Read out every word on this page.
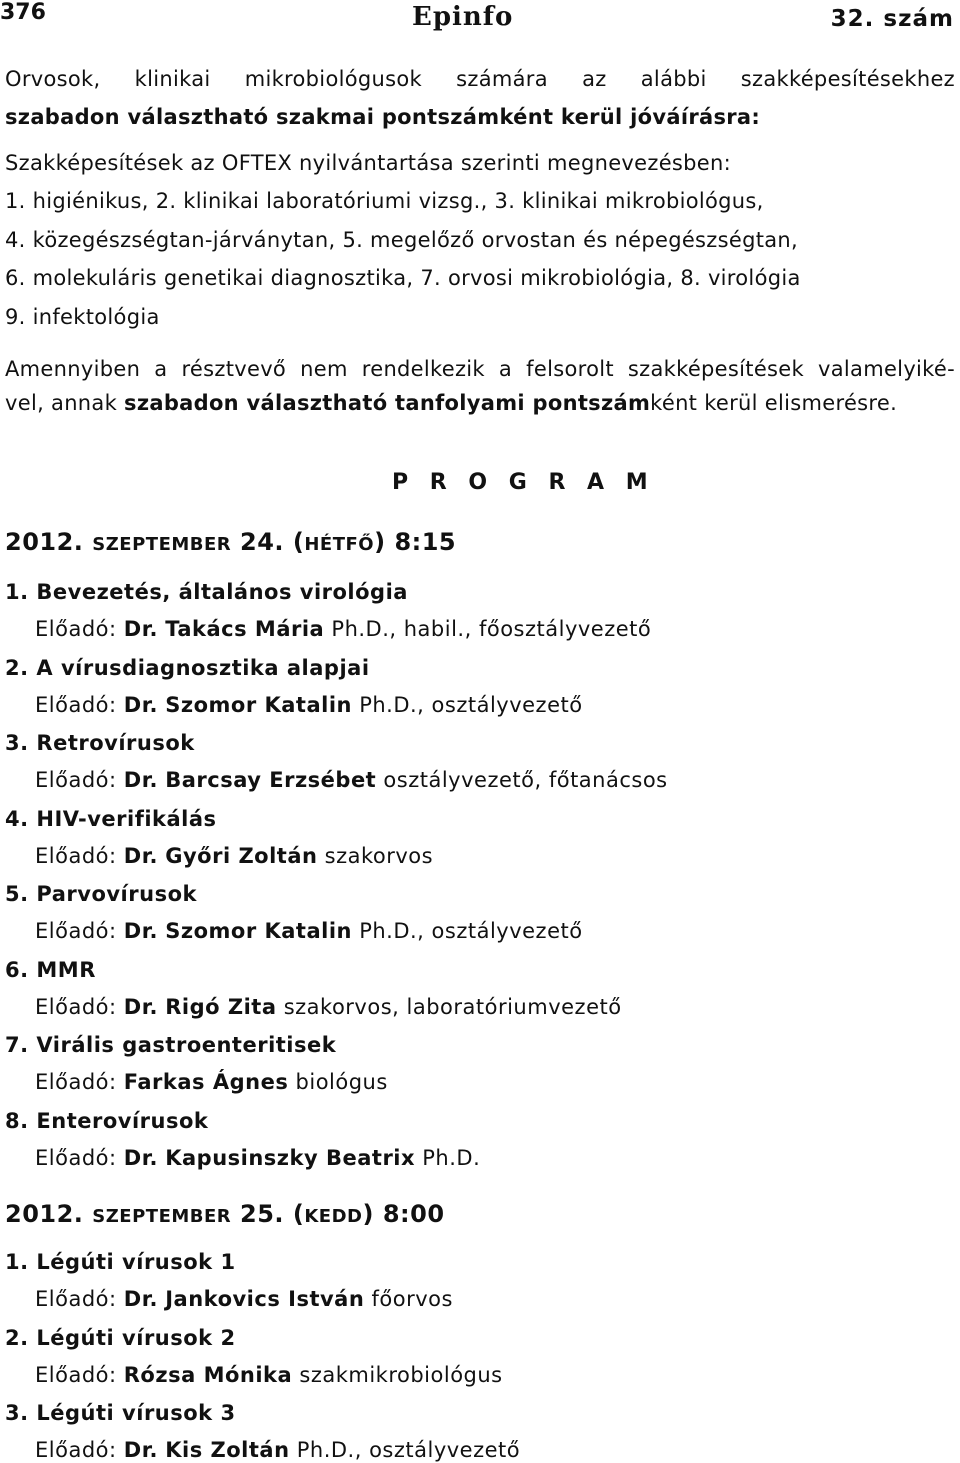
376	Epinfo	32. szám
Orvosok, klinikai mikrobiológusok számára az alábbi szakképesítésekhez
szabadon választható szakmai pontszámként kerül jóváírásra:
Szakképesítések az OFTEX nyilvántartása szerinti megnevezésben:
1. higiénikus, 2. klinikai laboratóriumi vizsg., 3. klinikai mikrobiológus,
4. közegészségtan-járványtan, 5. megelőző orvostan és népegészségtan,
6. molekuláris genetikai diagnosztika, 7. orvosi mikrobiológia, 8. virológia
9. infektológia
Amennyiben a résztvevő nem rendelkezik a felsorolt szakképesítések valamelyiké-
vel, annak szabadon választható tanfolyami pontszámként kerül elismerésre.
P R O G R A M
2012. SZEPTEMBER 24. (HÉTFŐ) 8:15
1. Bevezetés, általános virológia
Előadó: Dr. Takács Mária Ph.D., habil., főosztályvezető
2. A vírusdiagnosztika alapjai
Előadó: Dr. Szomor Katalin Ph.D., osztályvezető
3. Retrovírusok
Előadó: Dr. Barcsay Erzsébet osztályvezető, főtanácsos
4. HIV-verifikálás
Előadó: Dr. Győri Zoltán szakorvos
5. Parvovírusok
Előadó: Dr. Szomor Katalin Ph.D., osztályvezető
6. MMR
Előadó: Dr. Rigó Zita szakorvos, laboratóriumvezető
7. Virális gastroenteritisek
Előadó: Farkas Ágnes biológus
8. Enterovírusok
Előadó: Dr. Kapusinszky Beatrix Ph.D.
2012. SZEPTEMBER 25. (KEDD) 8:00
1. Légúti vírusok 1
Előadó: Dr. Jankovics István főorvos
2. Légúti vírusok 2
Előadó: Rózsa Mónika szakmikrobiológus
3. Légúti vírusok 3
Előadó: Dr. Kis Zoltán Ph.D., osztályvezető
